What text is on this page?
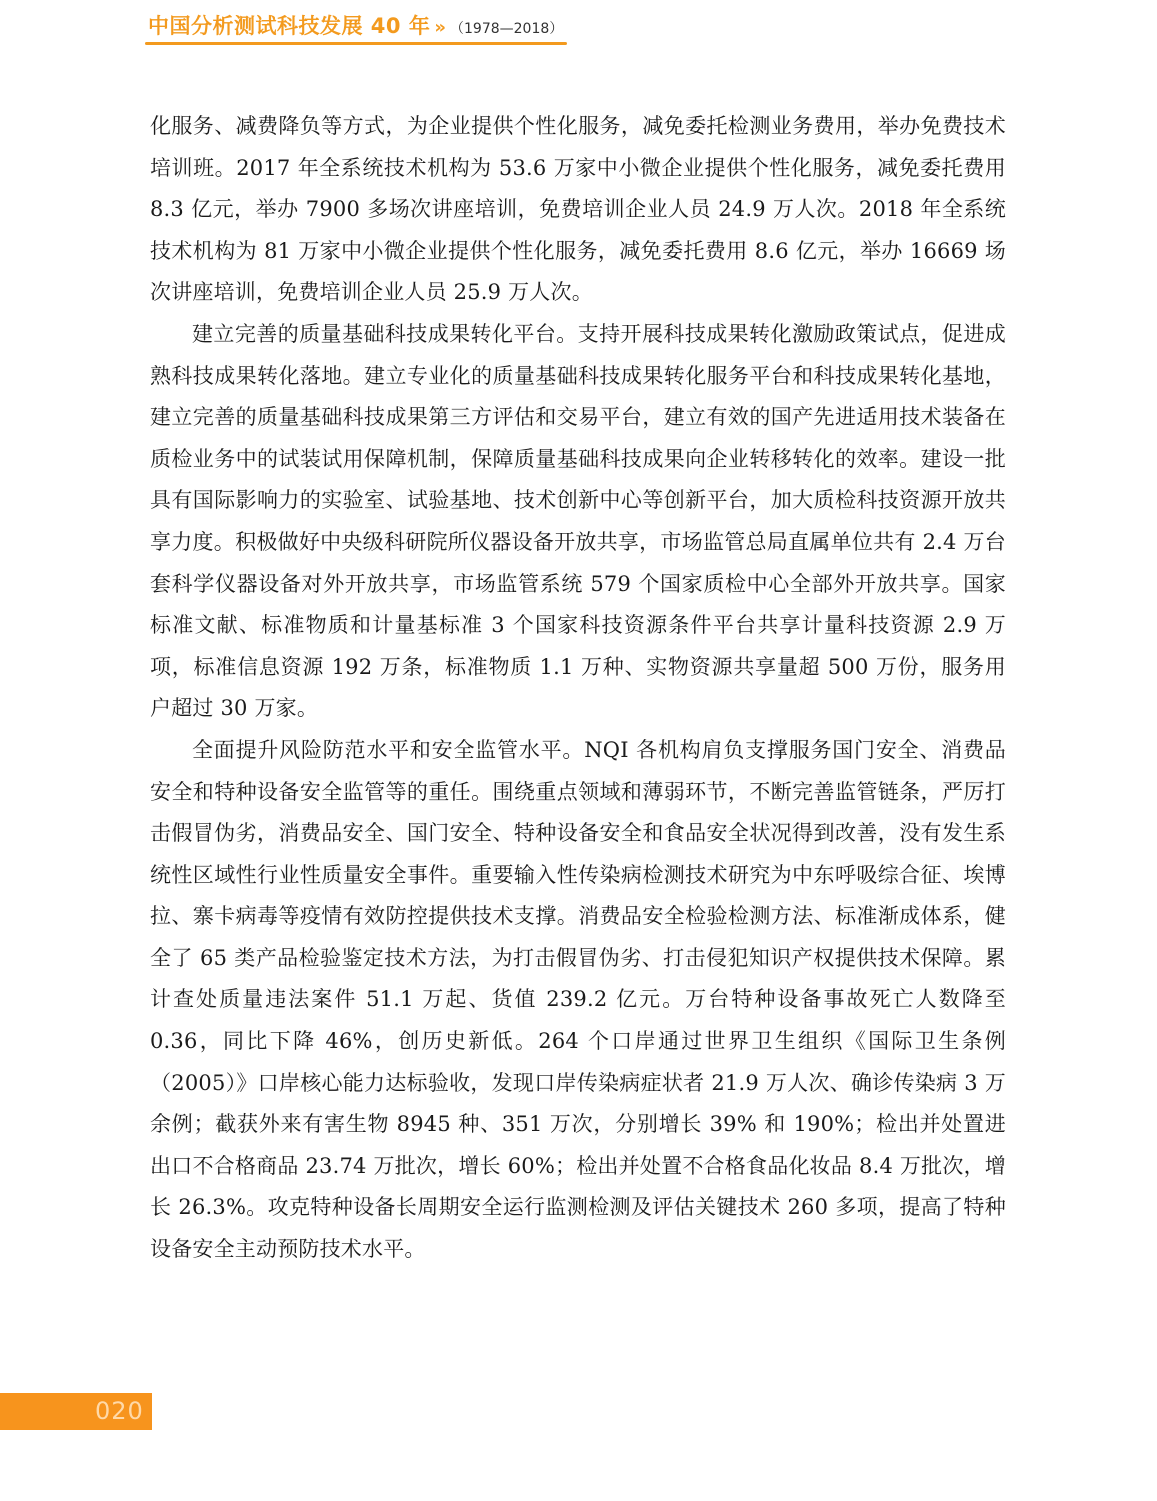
中国分析测试科技发展 40 年 » （1978—2018）

化服务、减费降负等方式，为企业提供个性化服务，减免委托检测业务费用，举办免费技术培训班。2017 年全系统技术机构为 53.6 万家中小微企业提供个性化服务，减免委托费用 8.3 亿元，举办 7900 多场次讲座培训，免费培训企业人员 24.9 万人次。2018 年全系统技术机构为 81 万家中小微企业提供个性化服务，减免委托费用 8.6 亿元，举办 16669 场次讲座培训，免费培训企业人员 25.9 万人次。

建立完善的质量基础科技成果转化平台。支持开展科技成果转化激励政策试点，促进成熟科技成果转化落地。建立专业化的质量基础科技成果转化服务平台和科技成果转化基地，建立完善的质量基础科技成果第三方评估和交易平台，建立有效的国产先进适用技术装备在质检业务中的试装试用保障机制，保障质量基础科技成果向企业转移转化的效率。建设一批具有国际影响力的实验室、试验基地、技术创新中心等创新平台，加大质检科技资源开放共享力度。积极做好中央级科研院所仪器设备开放共享，市场监管总局直属单位共有 2.4 万台套科学仪器设备对外开放共享，市场监管系统 579 个国家质检中心全部外开放共享。国家标准文献、标准物质和计量基标准 3 个国家科技资源条件平台共享计量科技资源 2.9 万项，标准信息资源 192 万条，标准物质 1.1 万种、实物资源共享量超 500 万份，服务用户超过 30 万家。

全面提升风险防范水平和安全监管水平。NQI 各机构肩负支撑服务国门安全、消费品安全和特种设备安全监管等的重任。围绕重点领域和薄弱环节，不断完善监管链条，严厉打击假冒伪劣，消费品安全、国门安全、特种设备安全和食品安全状况得到改善，没有发生系统性区域性行业性质量安全事件。重要输入性传染病检测技术研究为中东呼吸综合征、埃博拉、寨卡病毒等疫情有效防控提供技术支撑。消费品安全检验检测方法、标准渐成体系，健全了 65 类产品检验鉴定技术方法，为打击假冒伪劣、打击侵犯知识产权提供技术保障。累计查处质量违法案件 51.1 万起、货值 239.2 亿元。万台特种设备事故死亡人数降至 0.36，同比下降 46%，创历史新低。264 个口岸通过世界卫生组织《国际卫生条例（2005）》口岸核心能力达标验收，发现口岸传染病症状者 21.9 万人次、确诊传染病 3 万余例；截获外来有害生物 8945 种、351 万次，分别增长 39% 和 190%；检出并处置进出口不合格商品 23.74 万批次，增长 60%；检出并处置不合格食品化妆品 8.4 万批次，增长 26.3%。攻克特种设备长周期安全运行监测检测及评估关键技术 260 多项，提高了特种设备安全主动预防技术水平。

020
